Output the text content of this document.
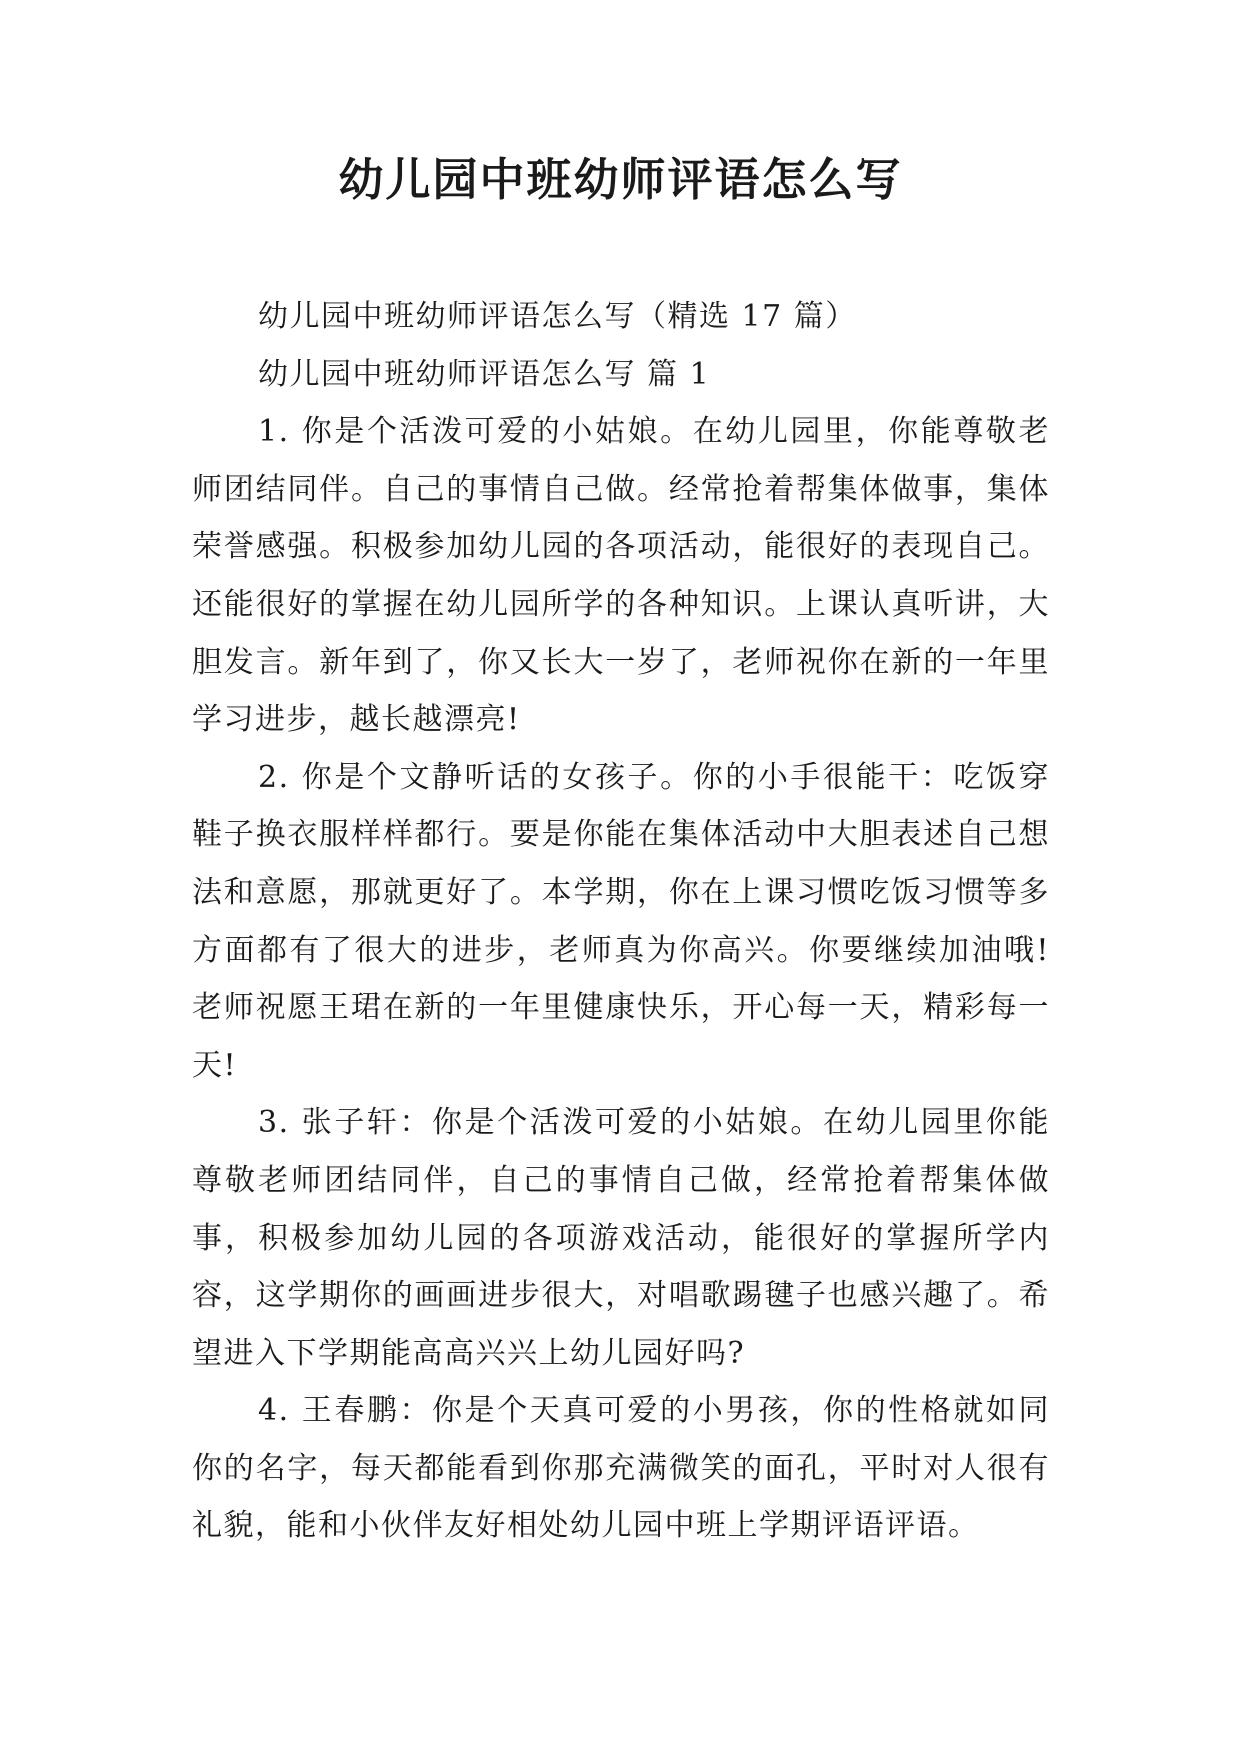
幼儿园中班幼师评语怎么写

幼儿园中班幼师评语怎么写（精选 17 篇）

幼儿园中班幼师评语怎么写 篇 1

1. 你是个活泼可爱的小姑娘。在幼儿园里，你能尊敬老师团结同伴。自己的事情自己做。经常抢着帮集体做事，集体荣誉感强。积极参加幼儿园的各项活动，能很好的表现自己。还能很好的掌握在幼儿园所学的各种知识。上课认真听讲，大胆发言。新年到了，你又长大一岁了，老师祝你在新的一年里学习进步，越长越漂亮!

2. 你是个文静听话的女孩子。你的小手很能干：吃饭穿鞋子换衣服样样都行。要是你能在集体活动中大胆表述自己想法和意愿，那就更好了。本学期，你在上课习惯吃饭习惯等多方面都有了很大的进步，老师真为你高兴。你要继续加油哦!老师祝愿王珺在新的一年里健康快乐，开心每一天，精彩每一天!

3. 张子轩：你是个活泼可爱的小姑娘。在幼儿园里你能尊敬老师团结同伴，自己的事情自己做，经常抢着帮集体做事，积极参加幼儿园的各项游戏活动，能很好的掌握所学内容，这学期你的画画进步很大，对唱歌踢毽子也感兴趣了。希望进入下学期能高高兴兴上幼儿园好吗?

4. 王春鹏：你是个天真可爱的小男孩，你的性格就如同你的名字，每天都能看到你那充满微笑的面孔，平时对人很有礼貌，能和小伙伴友好相处幼儿园中班上学期评语评语。
